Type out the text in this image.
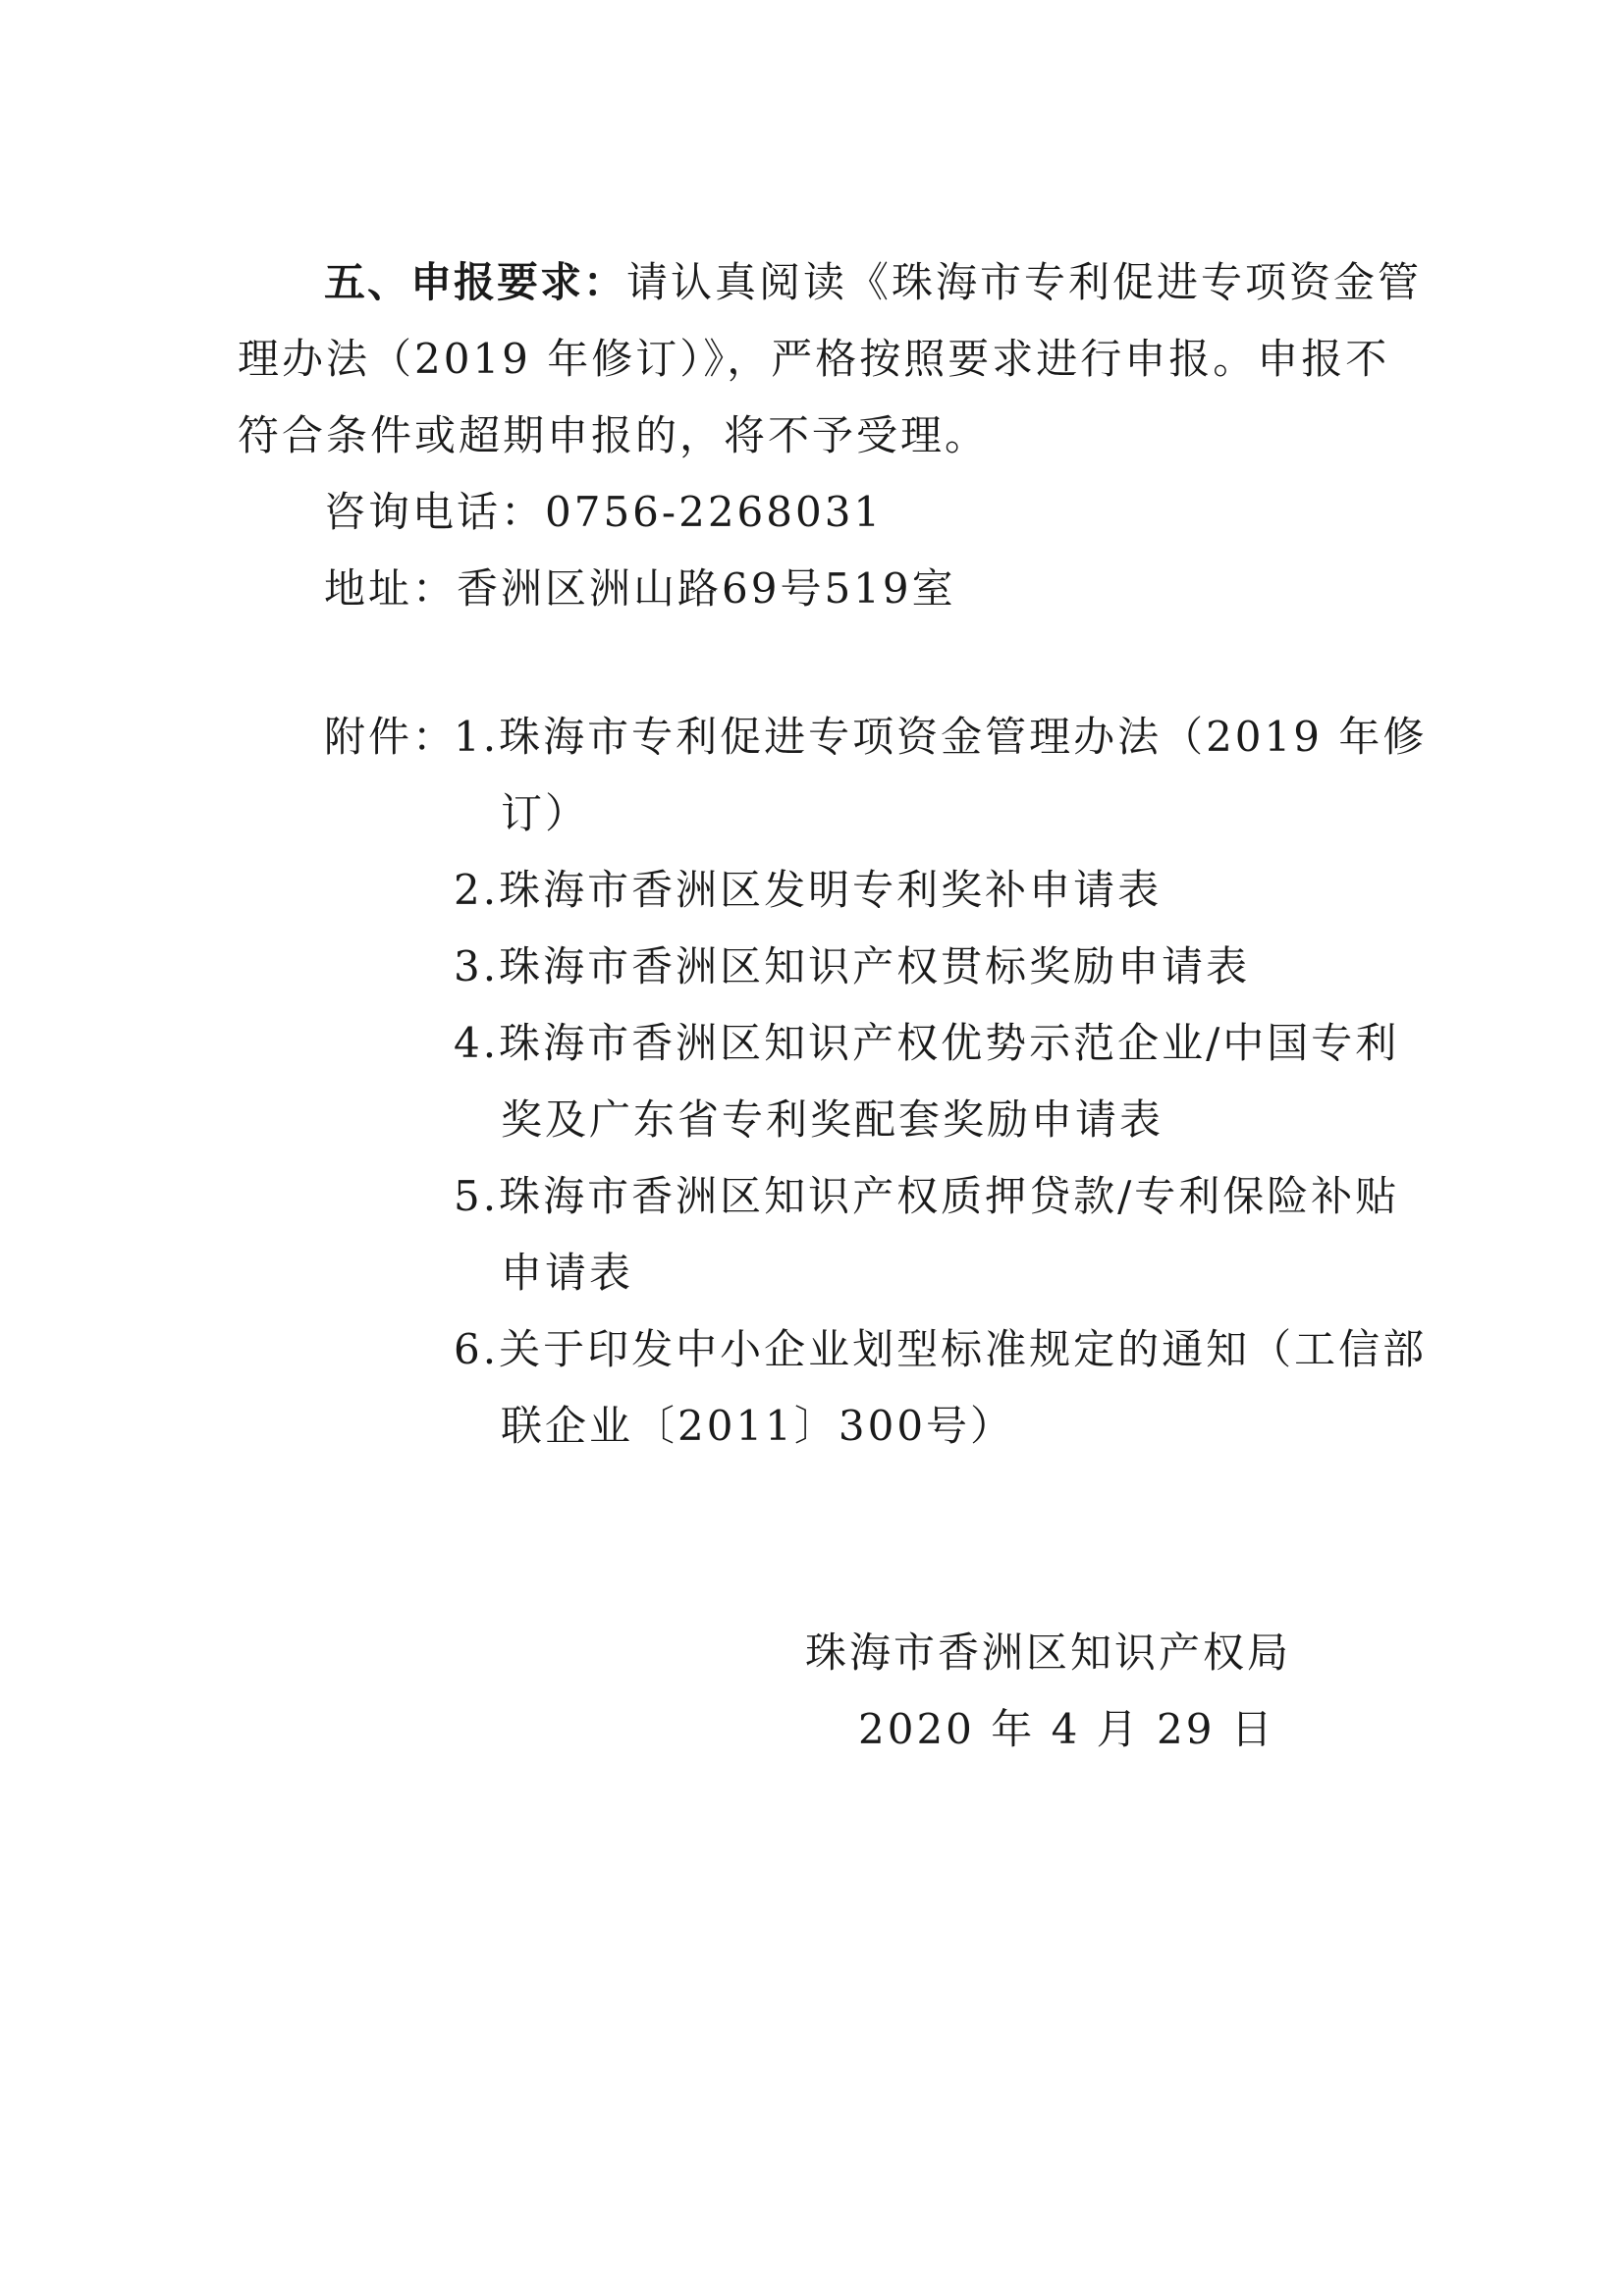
五、申报要求：请认真阅读《珠海市专利促进专项资金管
理办法（2019 年修订）》，严格按照要求进行申报。申报不
符合条件或超期申报的，将不予受理。
咨询电话：0756-2268031
地址：香洲区洲山路69号519室
附件：
1.珠海市专利促进专项资金管理办法（2019 年修
订）
2.珠海市香洲区发明专利奖补申请表
3.珠海市香洲区知识产权贯标奖励申请表
4.珠海市香洲区知识产权优势示范企业/中国专利
奖及广东省专利奖配套奖励申请表
5.珠海市香洲区知识产权质押贷款/专利保险补贴
申请表
6.关于印发中小企业划型标准规定的通知（工信部
联企业〔2011〕300号）
珠海市香洲区知识产权局
2020 年 4 月 29 日
